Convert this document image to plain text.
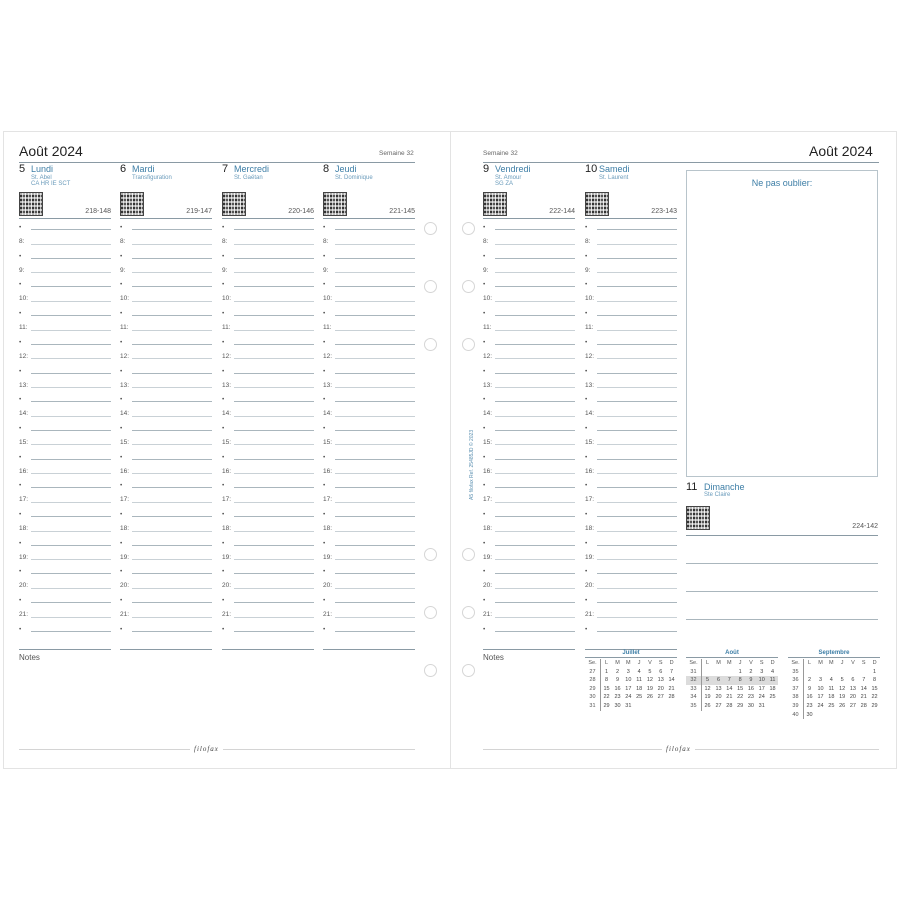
Août 2024	Semaine 32
5 Lundi
St. Abel
CA HR IE SCT
218-148
•
8:
•
9:
•
10:
•
11:
•
12:
•
13:
•
14:
•
15:
•
16:
•
17:
•
18:
•
19:
•
20:
•
21:
•
6 Mardi
Transfiguration
219-147
•
8:
•
9:
•
10:
•
11:
•
12:
•
13:
•
14:
•
15:
•
16:
•
17:
•
18:
•
19:
•
20:
•
21:
•
7 Mercredi
St. Gaëtan
220-146
•
8:
•
9:
•
10:
•
11:
•
12:
•
13:
•
14:
•
15:
•
16:
•
17:
•
18:
•
19:
•
20:
•
21:
•
8 Jeudi
St. Dominique
221-145
•
8:
•
9:
•
10:
•
11:
•
12:
•
13:
•
14:
•
15:
•
16:
•
17:
•
18:
•
19:
•
20:
•
21:
•
Notes
filofax
Semaine 32	Août 2024
9 Vendredi
St. Amour
SG ZA
222-144
•
8:
•
9:
•
10:
•
11:
•
12:
•
13:
•
14:
•
15:
•
16:
•
17:
•
18:
•
19:
•
20:
•
21:
•
10 Samedi
St. Laurent
223-143
•
8:
•
9:
•
10:
•
11:
•
12:
•
13:
•
14:
•
15:
•
16:
•
17:
•
18:
•
19:
•
20:
•
21:
•
Ne pas oublier:
11 Dimanche
Ste Claire
224-142
A5 filofax Ref. 25485JD © 2023
Notes	Juillet
Se.	L	M	M	J	V	S	D
27	1	2	3	4	5	6	7
28	8	9	10	11	12	13	14
29	15	16	17	18	19	20	21
30	22	23	24	25	26	27	28
31	29	30	31				
Août
Se.	L	M	M	J	V	S	D
31				1	2	3	4
32	5	6	7	8	9	10	11
33	12	13	14	15	16	17	18
34	19	20	21	22	23	24	25
35	26	27	28	29	30	31	
Septembre
Se.	L	M	M	J	V	S	D
35							1
36	2	3	4	5	6	7	8
37	9	10	11	12	13	14	15
38	16	17	18	19	20	21	22
39	23	24	25	26	27	28	29
40	30						
filofax
